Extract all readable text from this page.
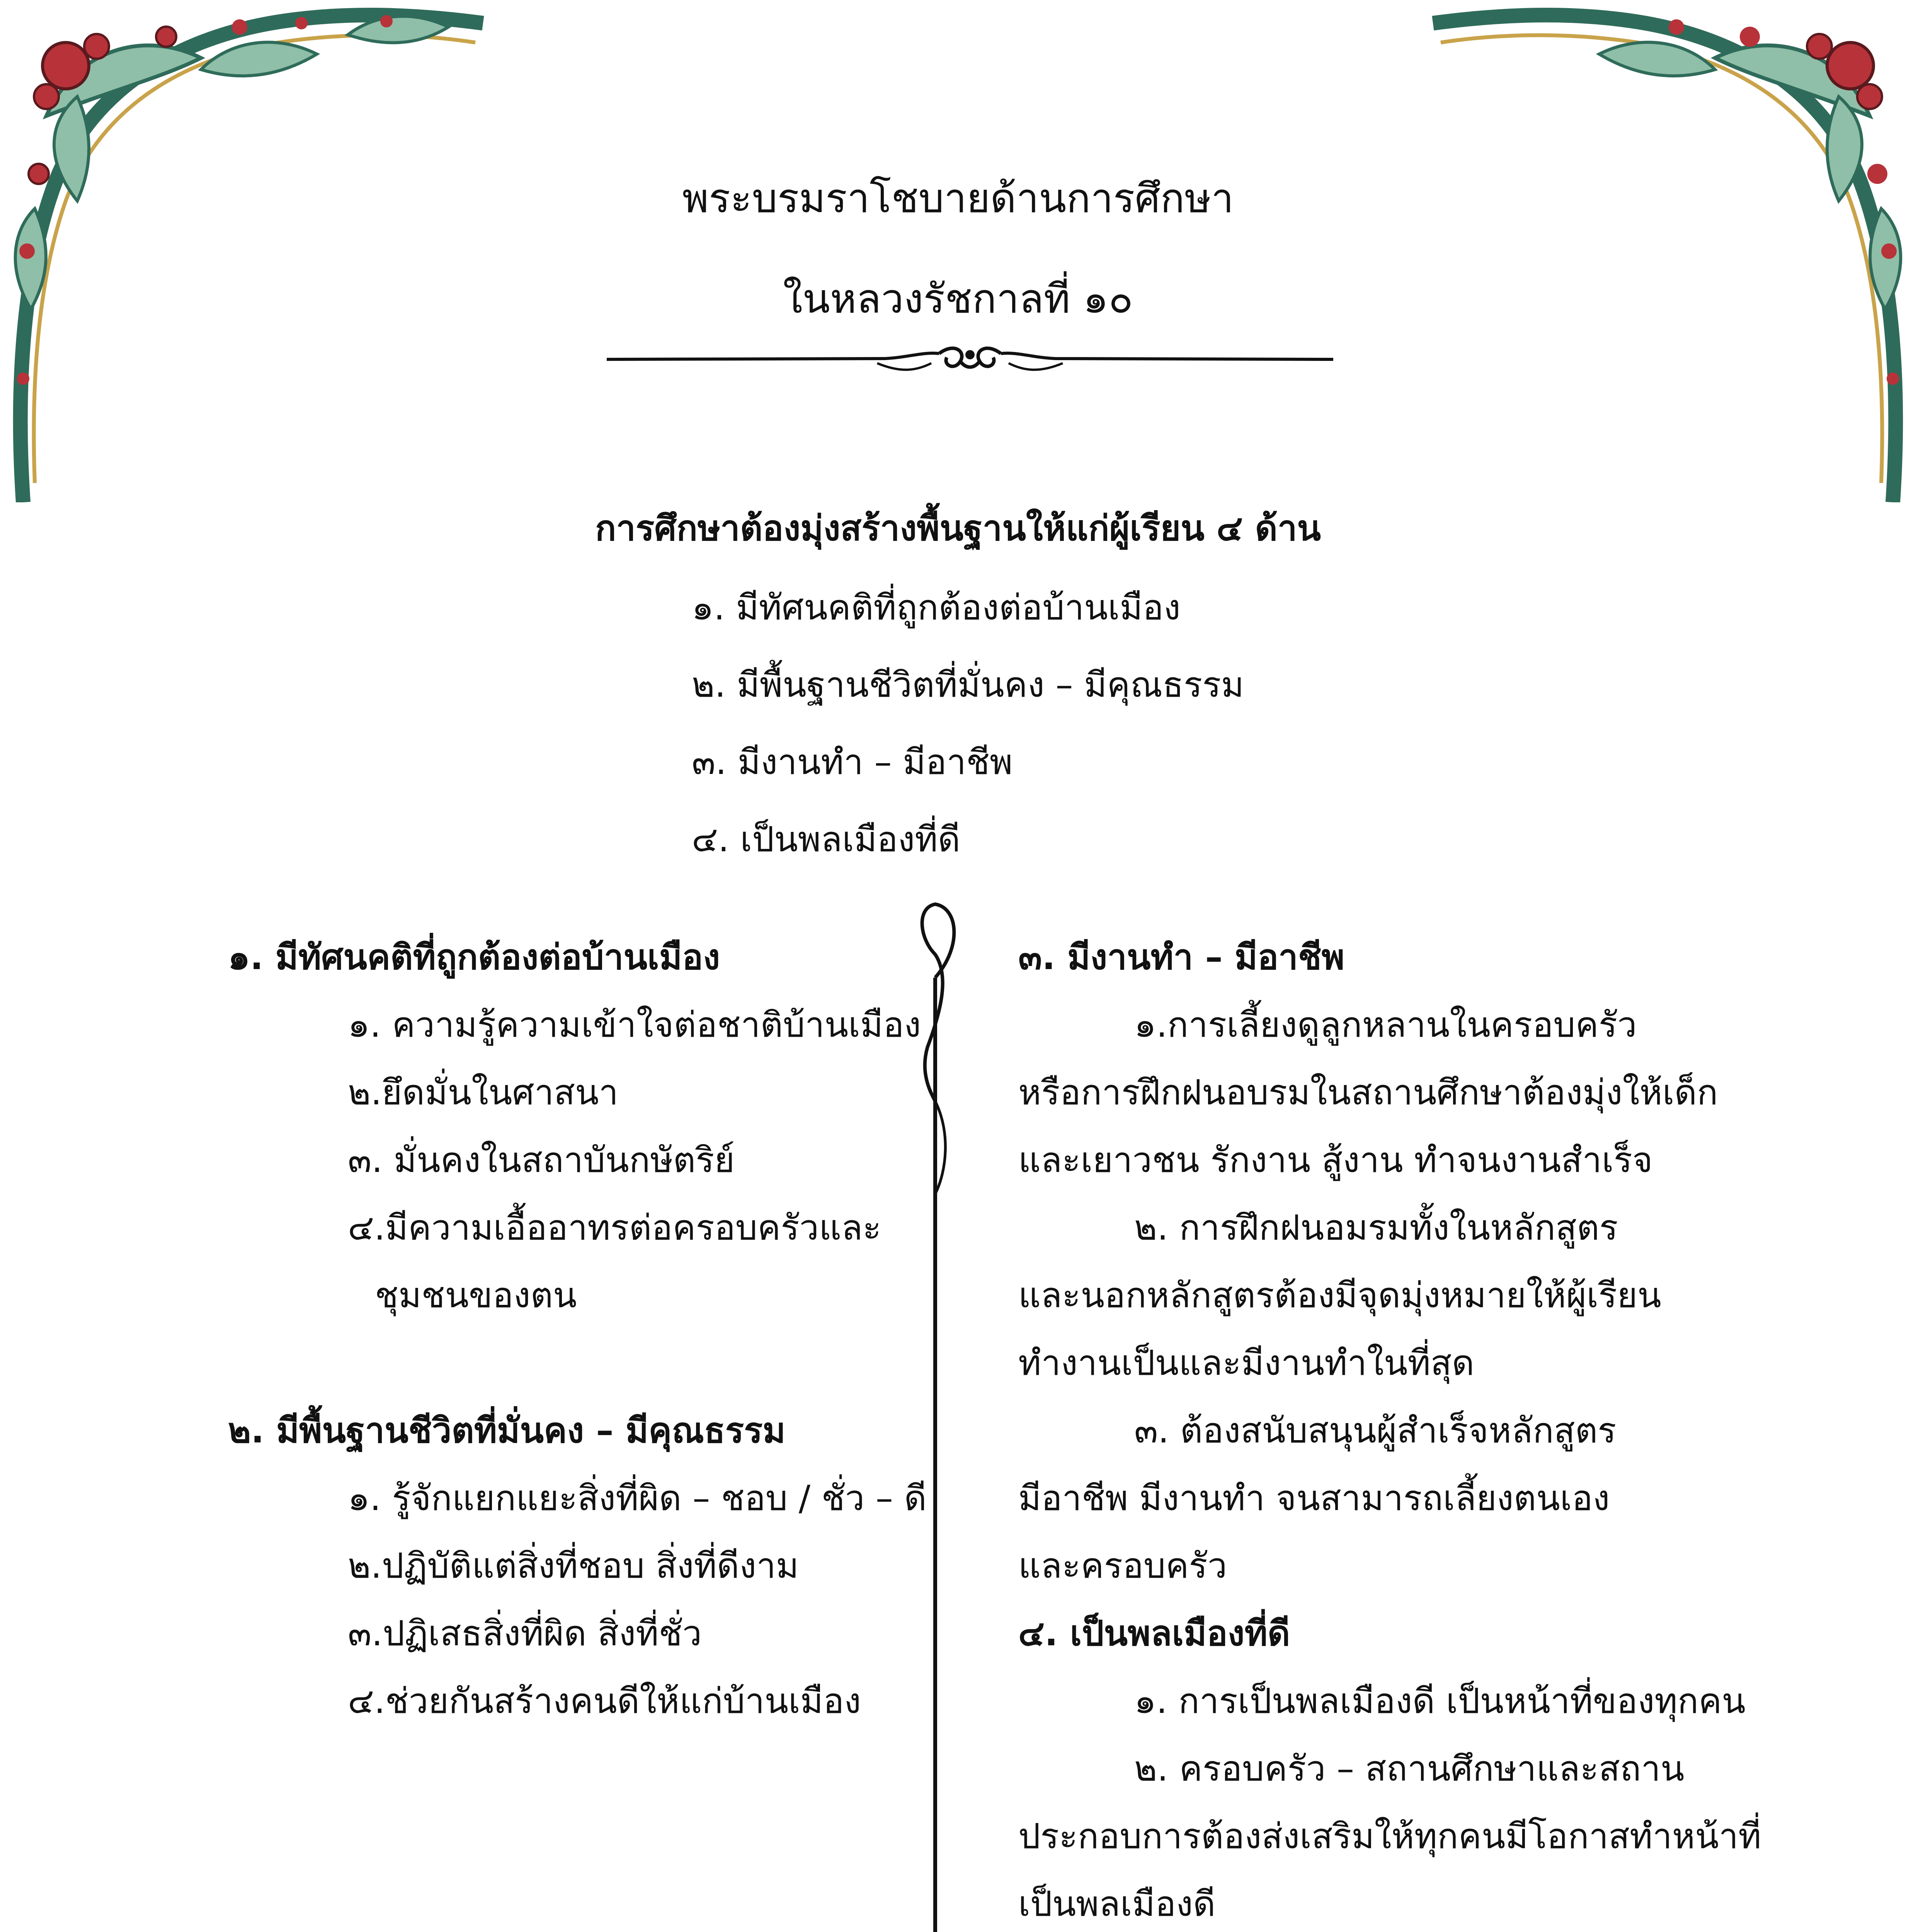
พระบรมราโชบายด้านการศึกษา
ในหลวงรัชกาลที่ ๑๐
การศึกษาต้องมุ่งสร้างพื้นฐานให้แก่ผู้เรียน ๔ ด้าน
๑. มีทัศนคติที่ถูกต้องต่อบ้านเมือง
๒. มีพื้นฐานชีวิตที่มั่นคง – มีคุณธรรม
๓. มีงานทำ – มีอาชีพ
๔. เป็นพลเมืองที่ดี
๑. มีทัศนคติที่ถูกต้องต่อบ้านเมือง
๑. ความรู้ความเข้าใจต่อชาติบ้านเมือง
๒.ยึดมั่นในศาสนา
๓. มั่นคงในสถาบันกษัตริย์
๔.มีความเอื้ออาทรต่อครอบครัวและ
ชุมชนของตน
๒. มีพื้นฐานชีวิตที่มั่นคง – มีคุณธรรม
๑. รู้จักแยกแยะสิ่งที่ผิด – ชอบ / ชั่ว – ดี
๒.ปฏิบัติแต่สิ่งที่ชอบ สิ่งที่ดีงาม
๓.ปฏิเสธสิ่งที่ผิด สิ่งที่ชั่ว
๔.ช่วยกันสร้างคนดีให้แก่บ้านเมือง
๓. มีงานทำ – มีอาชีพ
๑.การเลี้ยงดูลูกหลานในครอบครัว
หรือการฝึกฝนอบรมในสถานศึกษาต้องมุ่งให้เด็ก
และเยาวชน รักงาน สู้งาน ทำจนงานสำเร็จ
๒. การฝึกฝนอมรมทั้งในหลักสูตร
และนอกหลักสูตรต้องมีจุดมุ่งหมายให้ผู้เรียน
ทำงานเป็นและมีงานทำในที่สุด
๓. ต้องสนับสนุนผู้สำเร็จหลักสูตร
มีอาชีพ มีงานทำ จนสามารถเลี้ยงตนเอง
และครอบครัว
๔. เป็นพลเมืองที่ดี
๑. การเป็นพลเมืองดี เป็นหน้าที่ของทุกคน
๒. ครอบครัว – สถานศึกษาและสถาน
ประกอบการต้องส่งเสริมให้ทุกคนมีโอกาสทำหน้าที่
เป็นพลเมืองดี
